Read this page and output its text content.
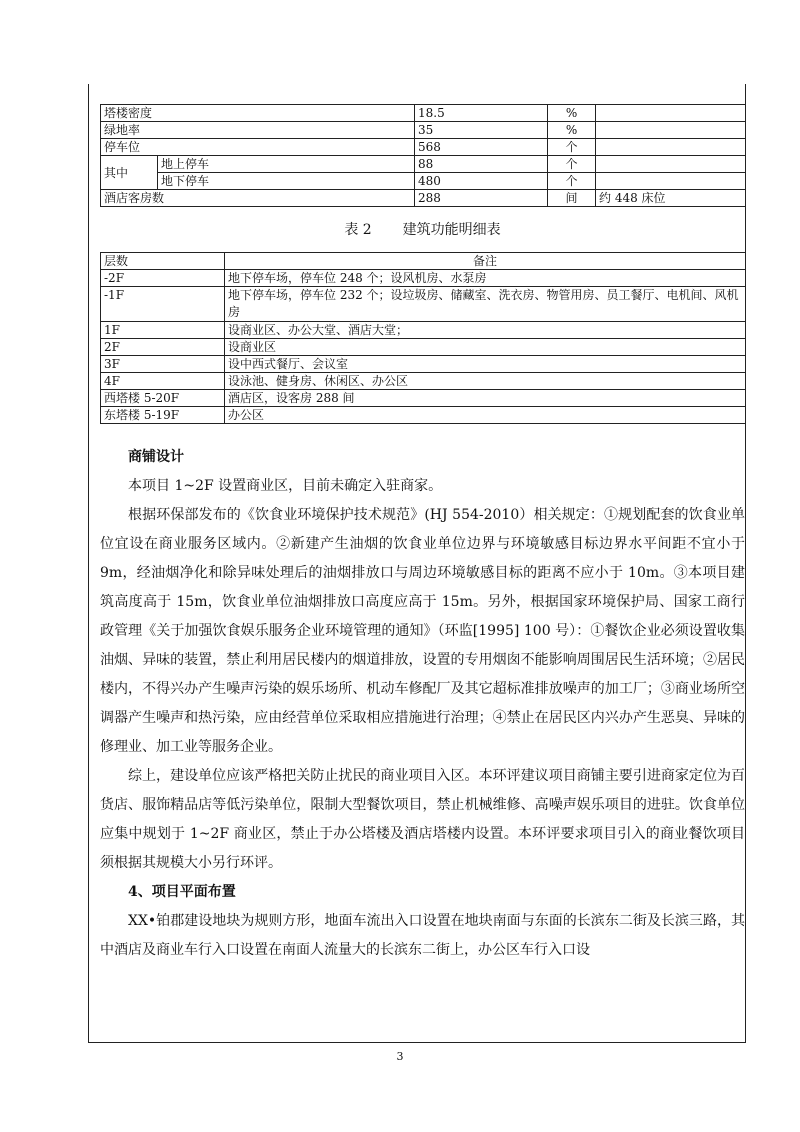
塔楼密度		18.5	%	
绿地率		35	%	
停车位		568	个	
其中	地上停车	88	个	
	地下停车	480	个	
酒店客房数		288	间	约 448 床位
表 2 建筑功能明细表
层数	备注
-2F	地下停车场，停车位 248 个；设风机房、水泵房
-1F	地下停车场，停车位 232 个；设垃圾房、储藏室、洗衣房、物管用房、员工餐厅、电机间、风机房
1F	设商业区、办公大堂、酒店大堂；
2F	设商业区
3F	设中西式餐厅、会议室
4F	设泳池、健身房、休闲区、办公区
西塔楼 5-20F	酒店区，设客房 288 间
东塔楼 5-19F	办公区

商铺设计

本项目 1~2F 设置商业区，目前未确定入驻商家。

根据环保部发布的《饮食业环境保护技术规范》(HJ 554-2010）相关规定：①规划配套的饮食业单位宜设在商业服务区域内。②新建产生油烟的饮食业单位边界与环境敏感目标边界水平间距不宜小于 9m，经油烟净化和除异味处理后的油烟排放口与周边环境敏感目标的距离不应小于 10m。③本项目建筑高度高于 15m，饮食业单位油烟排放口高度应高于 15m。另外，根据国家环境保护局、国家工商行政管理《关于加强饮食娱乐服务企业环境管理的通知》（环监[1995] 100 号）：①餐饮企业必须设置收集油烟、异味的装置，禁止利用居民楼内的烟道排放，设置的专用烟囱不能影响周围居民生活环境；②居民楼内，不得兴办产生噪声污染的娱乐场所、机动车修配厂及其它超标准排放噪声的加工厂；③商业场所空调器产生噪声和热污染，应由经营单位采取相应措施进行治理；④禁止在居民区内兴办产生恶臭、异味的修理业、加工业等服务企业。

综上，建设单位应该严格把关防止扰民的商业项目入区。本环评建议项目商铺主要引进商家定位为百货店、服饰精品店等低污染单位，限制大型餐饮项目，禁止机械维修、高噪声娱乐项目的进驻。饮食单位应集中规划于 1~2F 商业区，禁止于办公塔楼及酒店塔楼内设置。本环评要求项目引入的商业餐饮项目须根据其规模大小另行环评。

4、项目平面布置

XX•铂郡建设地块为规则方形，地面车流出入口设置在地块南面与东面的长滨东二街及长滨三路，其中酒店及商业车行入口设置在南面人流量大的长滨东二街上，办公区车行入口设

3
